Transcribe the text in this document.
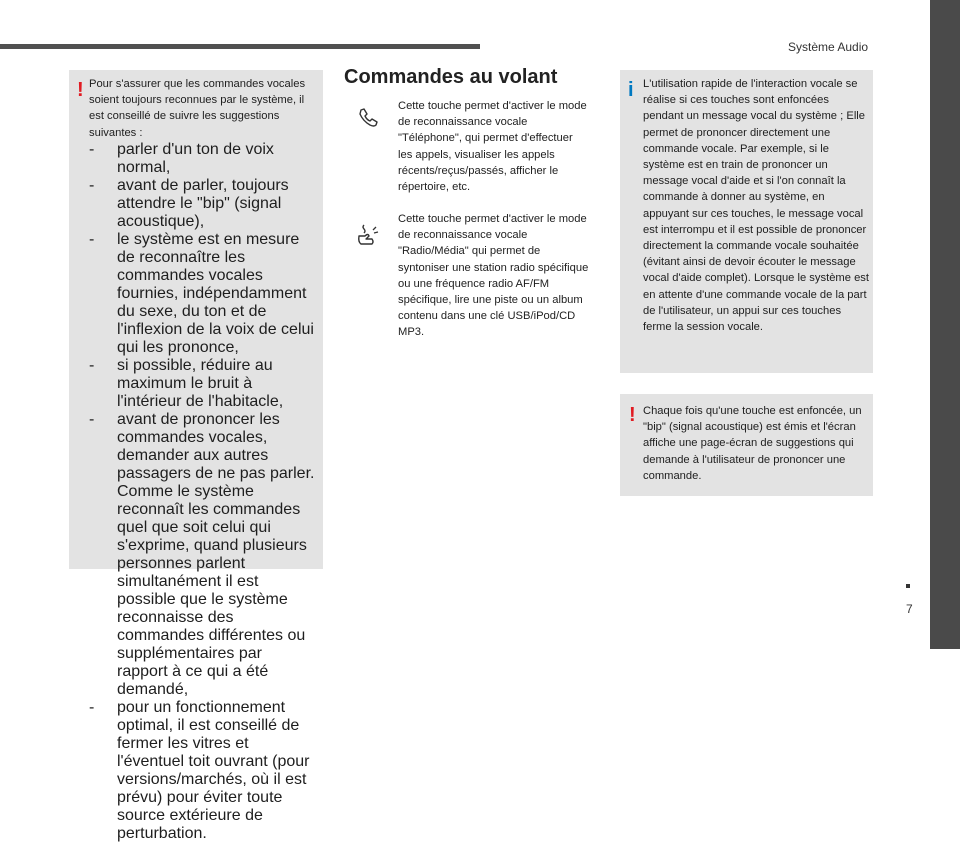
Système Audio
7
! Pour s'assurer que les commandes vocales soient toujours reconnues par le système, il est conseillé de suivre les suggestions suivantes :

- parler d'un ton de voix normal,
- avant de parler, toujours attendre le "bip" (signal acoustique),
- le système est en mesure de reconnaître les commandes vocales fournies, indépendamment du sexe, du ton et de l'inflexion de la voix de celui qui les prononce,
- si possible, réduire au maximum le bruit à l'intérieur de l'habitacle,
- avant de prononcer les commandes vocales, demander aux autres passagers de ne pas parler. Comme le système reconnaît les commandes quel que soit celui qui s'exprime, quand plusieurs personnes parlent simultanément il est possible que le système reconnaisse des commandes différentes ou supplémentaires par rapport à ce qui a été demandé,
- pour un fonctionnement optimal, il est conseillé de fermer les vitres et l'éventuel toit ouvrant (pour versions/marchés, où il est prévu) pour éviter toute source extérieure de perturbation.
Commandes au volant
Cette touche permet d'activer le mode de reconnaissance vocale "Téléphone", qui permet d'effectuer les appels, visualiser les appels récents/reçus/passés, afficher le répertoire, etc.
Cette touche permet d'activer le mode de reconnaissance vocale "Radio/Média" qui permet de syntoniser une station radio spécifique ou une fréquence radio AF/FM spécifique, lire une piste ou un album contenu dans une clé USB/iPod/CD MP3.
i L'utilisation rapide de l'interaction vocale se réalise si ces touches sont enfoncées pendant un message vocal du système ; Elle permet de prononcer directement une commande vocale. Par exemple, si le système est en train de prononcer un message vocal d'aide et si l'on connaît la commande à donner au système, en appuyant sur ces touches, le message vocal est interrompu et il est possible de prononcer directement la commande vocale souhaitée (évitant ainsi de devoir écouter le message vocal d'aide complet). Lorsque le système est en attente d'une commande vocale de la part de l'utilisateur, un appui sur ces touches ferme la session vocale.
! Chaque fois qu'une touche est enfoncée, un "bip" (signal acoustique) est émis et l'écran affiche une page-écran de suggestions qui demande à l'utilisateur de prononcer une commande.
